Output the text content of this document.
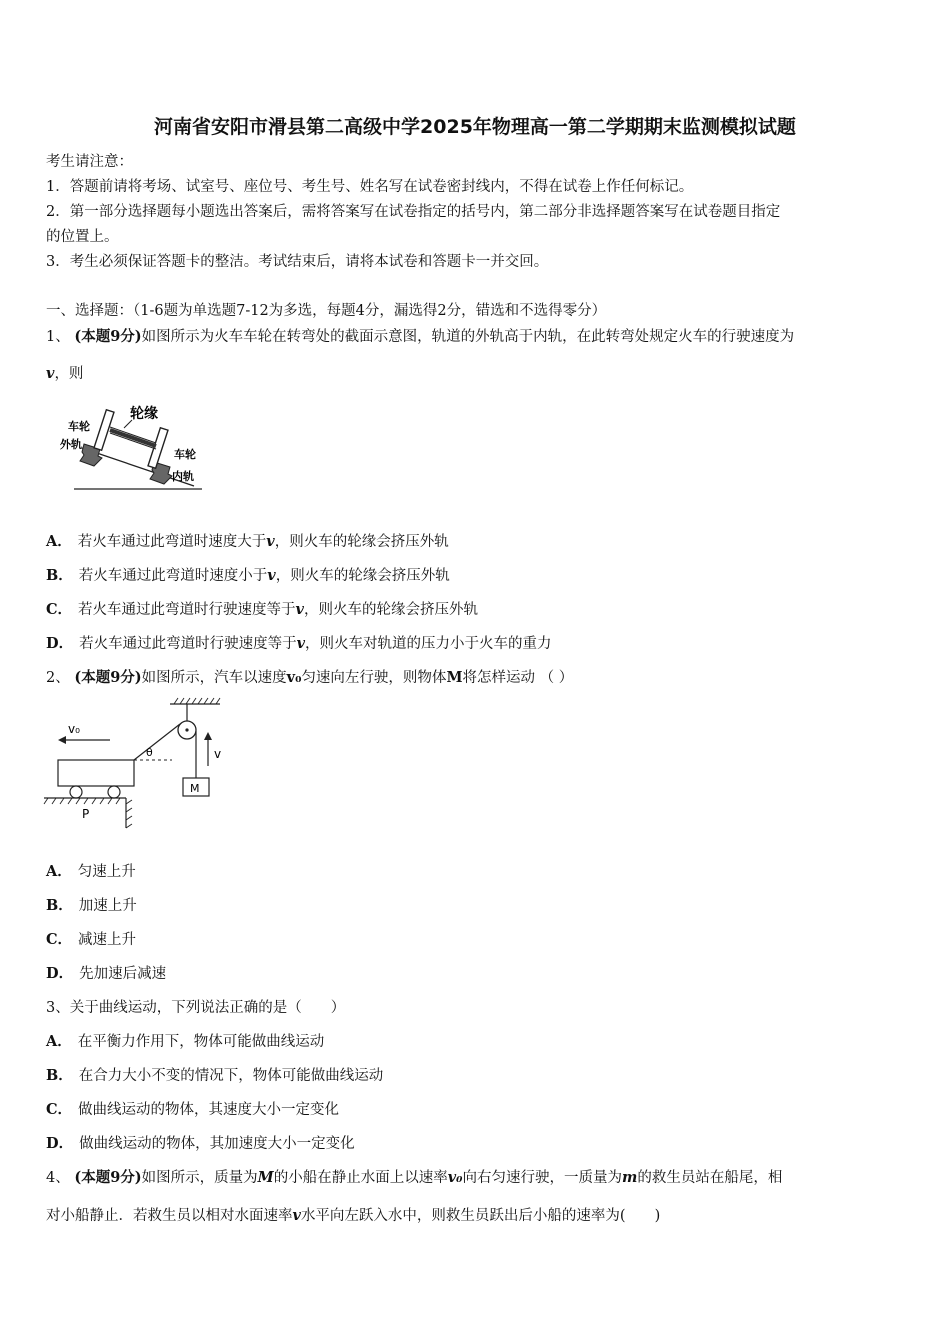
河南省安阳市滑县第二高级中学2025年物理高一第二学期期末监测模拟试题
考生请注意：
1．答题前请将考场、试室号、座位号、考生号、姓名写在试卷密封线内，不得在试卷上作任何标记。
2．第一部分选择题每小题选出答案后，需将答案写在试卷指定的括号内，第二部分非选择题答案写在试卷题目指定
的位置上。
3．考生必须保证答题卡的整洁。考试结束后，请将本试卷和答题卡一并交回。
一、选择题：（1-6题为单选题7-12为多选，每题4分，漏选得2分，错选和不选得零分）
1、 (本题9分)如图所示为火车车轮在转弯处的截面示意图，轨道的外轨高于内轨，在此转弯处规定火车的行驶速度为
v，则
轮缘
车轮
外轨
车轮
内轨
A． 若火车通过此弯道时速度大于v，则火车的轮缘会挤压外轨
B． 若火车通过此弯道时速度小于v，则火车的轮缘会挤压外轨
C． 若火车通过此弯道时行驶速度等于v，则火车的轮缘会挤压外轨
D． 若火车通过此弯道时行驶速度等于v，则火车对轨道的压力小于火车的重力
2、 (本题9分)如图所示，汽车以速度v₀匀速向左行驶，则物体M将怎样运动 （ ）
M
v
θ
v₀
P
A． 匀速上升
B． 加速上升
C． 减速上升
D． 先加速后减速
3、关于曲线运动，下列说法正确的是（　　）
A． 在平衡力作用下，物体可能做曲线运动
B． 在合力大小不变的情况下，物体可能做曲线运动
C． 做曲线运动的物体，其速度大小一定变化
D． 做曲线运动的物体，其加速度大小一定变化
4、 (本题9分)如图所示，质量为M的小船在静止水面上以速率v₀向右匀速行驶，一质量为m的救生员站在船尾，相
对小船静止．若救生员以相对水面速率v水平向左跃入水中，则救生员跃出后小船的速率为(　　)
